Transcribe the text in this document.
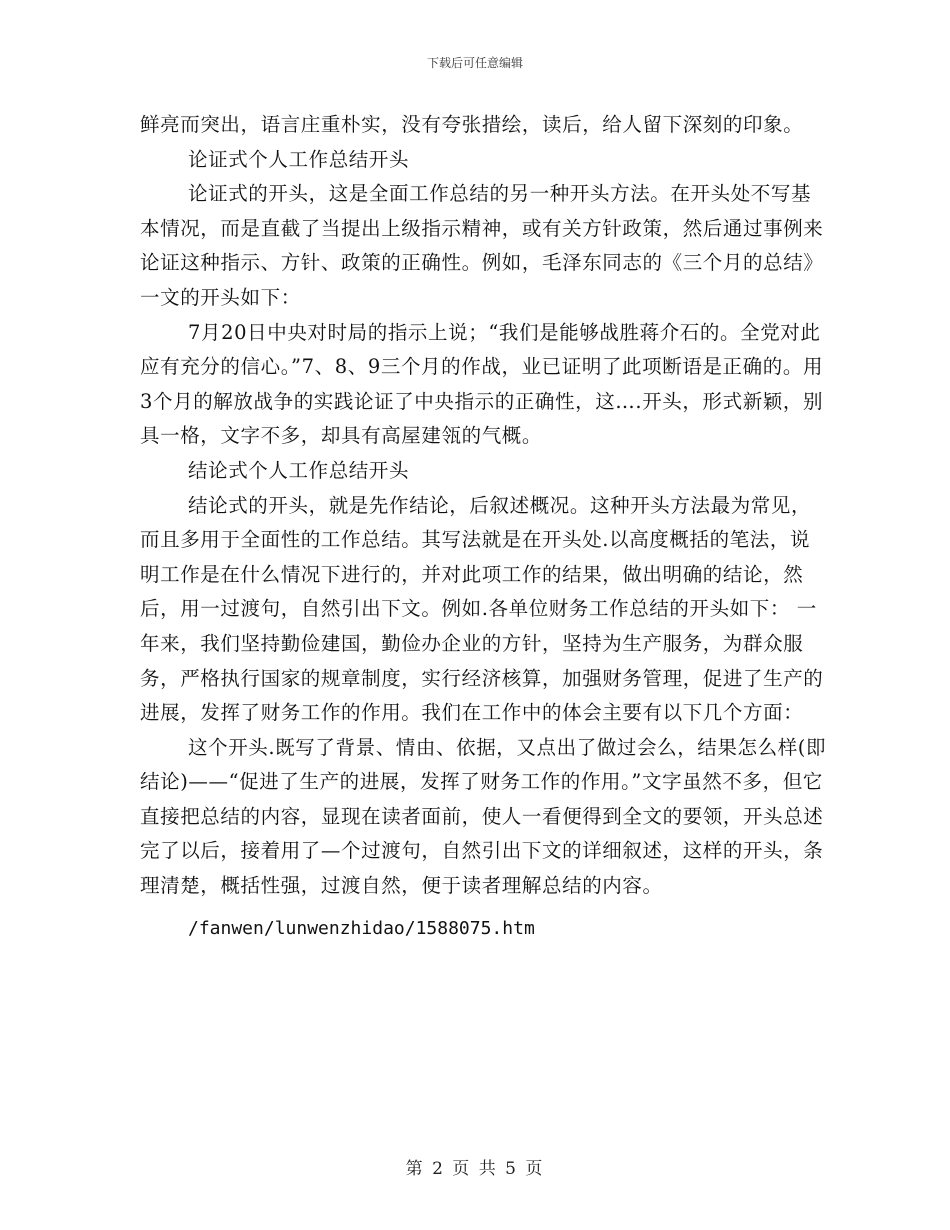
下载后可任意编辑

鲜亮而突出，语言庄重朴实，没有夸张措绘，读后，给人留下深刻的印象。

论证式个人工作总结开头

论证式的开头，这是全面工作总结的另一种开头方法。在开头处不写基本情况，而是直截了当提出上级指示精神，或有关方针政策，然后通过事例来论证这种指示、方针、政策的正确性。例如，毛泽东同志的《三个月的总结》一文的开头如下：

7月20日中央对时局的指示上说；“我们是能够战胜蒋介石的。全党对此应有充分的信心。”7、8、9三个月的作战，业已证明了此项断语是正确的。用3个月的解放战争的实践论证了中央指示的正确性，这….开头，形式新颖，别具一格，文字不多，却具有高屋建瓴的气概。

结论式个人工作总结开头

结论式的开头，就是先作结论，后叙述概况。这种开头方法最为常见，而且多用于全面性的工作总结。其写法就是在开头处.以高度概括的笔法，说明工作是在什么情况下进行的，并对此项工作的结果，做出明确的结论，然后，用一过渡句，自然引出下文。例如.各单位财务工作总结的开头如下： 一年来，我们坚持勤俭建国，勤俭办企业的方针，坚持为生产服务，为群众服务，严格执行国家的规章制度，实行经济核算，加强财务管理，促进了生产的进展，发挥了财务工作的作用。我们在工作中的体会主要有以下几个方面：

这个开头.既写了背景、情由、依据，又点出了做过会么，结果怎么样(即结论)——“促进了生产的进展，发挥了财务工作的作用。”文字虽然不多，但它直接把总结的内容，显现在读者面前，使人一看便得到全文的要领，开头总述完了以后，接着用了—个过渡句，自然引出下文的详细叙述，这样的开头，条理清楚，概括性强，过渡自然，便于读者理解总结的内容。

/fanwen/lunwenzhidao/1588075.htm

第 2 页 共 5 页
